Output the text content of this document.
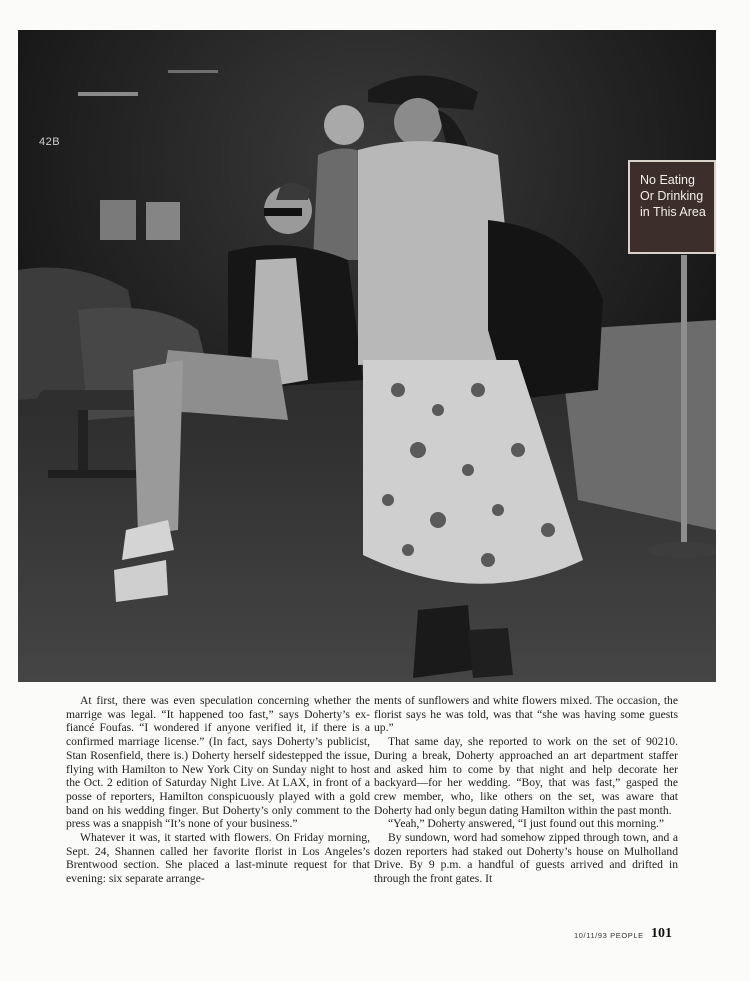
42B
No Eating
Or Drinking
in This Area

At first, there was even speculation concerning whether the marrige was legal. “It happened too fast,” says Doherty’s ex-fiancé Foufas. “I wondered if anyone verified it, if there is a confirmed marriage license.” (In fact, says Doherty’s publicist, Stan Rosenfield, there is.) Doherty herself sidestepped the issue, flying with Hamilton to New York City on Sunday night to host the Oct. 2 edition of Saturday Night Live. At LAX, in front of a posse of reporters, Hamilton conspicuously played with a gold band on his wedding finger. But Doherty’s only comment to the press was a snappish “It’s none of your business.”

Whatever it was, it started with flowers. On Friday morning, Sept. 24, Shannen called her favorite florist in Los Angeles’s Brentwood section. She placed a last-minute request for that evening: six separate arrange-

ments of sunflowers and white flowers mixed. The occasion, the florist says he was told, was that “she was having some guests up.”

That same day, she reported to work on the set of 90210. During a break, Doherty approached an art department staffer and asked him to come by that night and help decorate her backyard—for her wedding. “Boy, that was fast,” gasped the crew member, who, like others on the set, was aware that Doherty had only begun dating Hamilton within the past month.

“Yeah,” Doherty answered, “I just found out this morning.”

By sundown, word had somehow zipped through town, and a dozen reporters had staked out Doherty’s house on Mulholland Drive. By 9 p.m. a handful of guests arrived and drifted in through the front gates. It

10/11/93 PEOPLE 101
